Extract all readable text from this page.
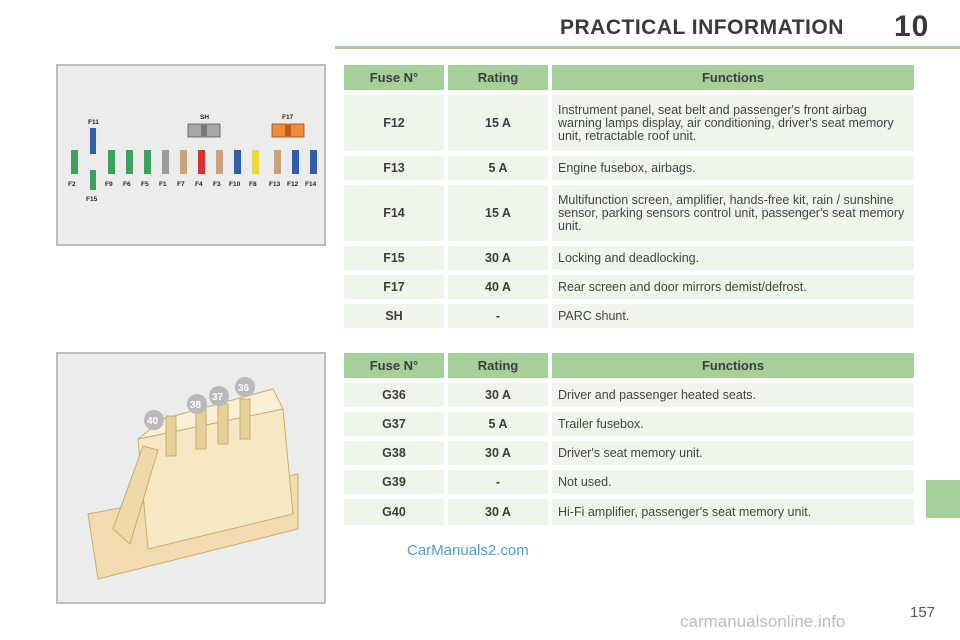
PRACTICAL INFORMATION 10
F11
SH	F17
F2	F9 F6 F5 F1 F7 F4 F3 F10 F8 F13 F12 F14
F15
40
38
37
36
Fuse N°	Rating	Functions
F12	15 A	Instrument panel, seat belt and passenger's front airbag warning lamps display, air conditioning, driver's seat memory unit, retractable roof unit.
F13	5 A	Engine fusebox, airbags.
F14	15 A	Multifunction screen, amplifier, hands-free kit, rain / sunshine sensor, parking sensors control unit, passenger's seat memory unit.
F15	30 A	Locking and deadlocking.
F17	40 A	Rear screen and door mirrors demist/defrost.
SH	-	PARC shunt.
Fuse N°	Rating	Functions
G36	30 A	Driver and passenger heated seats.
G37	5 A	Trailer fusebox.
G38	30 A	Driver's seat memory unit.
G39	-	Not used.
G40	30 A	Hi-Fi amplifier, passenger's seat memory unit.
CarManuals2.com
157
carmanualsonline.info
